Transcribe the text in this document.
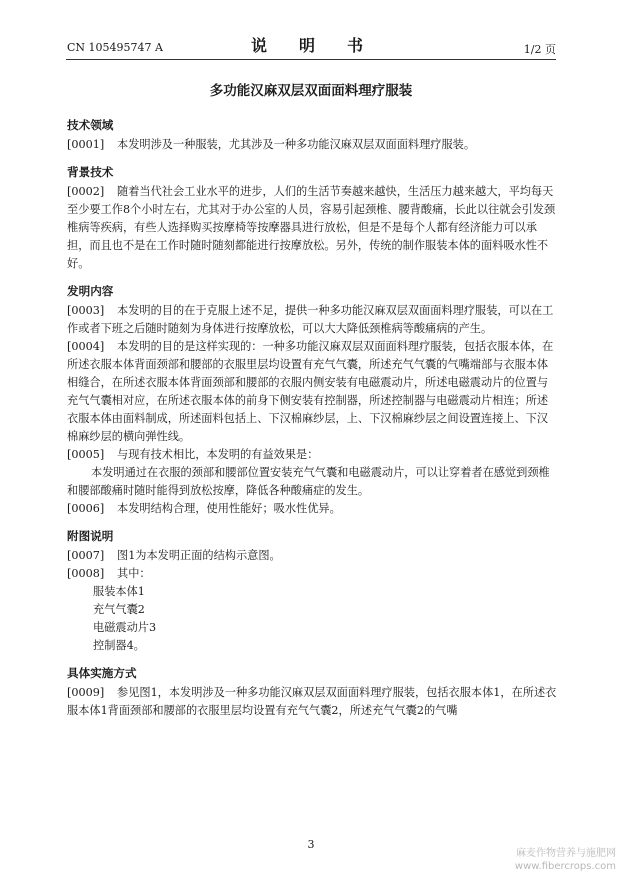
CN 105495747 A	说　明　书	1/2 页
多功能汉麻双层双面面料理疗服装
技术领域

[0001] 本发明涉及一种服装，尤其涉及一种多功能汉麻双层双面面料理疗服装。

背景技术

[0002] 随着当代社会工业水平的进步，人们的生活节奏越来越快，生活压力越来越大，平均每天至少要工作8个小时左右，尤其对于办公室的人员，容易引起颈椎、腰背酸痛，长此以往就会引发颈椎病等疾病，有些人选择购买按摩椅等按摩器具进行放松，但是不是每个人都有经济能力可以承担，而且也不是在工作时随时随刻都能进行按摩放松。另外，传统的制作服装本体的面料吸水性不好。

发明内容

[0003] 本发明的目的在于克服上述不足，提供一种多功能汉麻双层双面面料理疗服装，可以在工作或者下班之后随时随刻为身体进行按摩放松，可以大大降低颈椎病等酸痛病的产生。

[0004] 本发明的目的是这样实现的：一种多功能汉麻双层双面面料理疗服装，包括衣服本体，在所述衣服本体背面颈部和腰部的衣服里层均设置有充气气囊，所述充气气囊的气嘴端部与衣服本体相缝合，在所述衣服本体背面颈部和腰部的衣服内侧安装有电磁震动片，所述电磁震动片的位置与充气气囊相对应，在所述衣服本体的前身下侧安装有控制器，所述控制器与电磁震动片相连；所述衣服本体由面料制成，所述面料包括上、下汉棉麻纱层，上、下汉棉麻纱层之间设置连接上、下汉棉麻纱层的横向弹性线。

[0005] 与现有技术相比，本发明的有益效果是：

本发明通过在衣服的颈部和腰部位置安装充气气囊和电磁震动片，可以让穿着者在感觉到颈椎和腰部酸痛时随时能得到放松按摩，降低各种酸痛症的发生。

[0006] 本发明结构合理，使用性能好；吸水性优异。

附图说明

[0007] 图1为本发明正面的结构示意图。

[0008] 其中：

服装本体1
充气气囊2
电磁震动片3
控制器4。
具体实施方式

[0009] 参见图1，本发明涉及一种多功能汉麻双层双面面料理疗服装，包括衣服本体1，在所述衣服本体1背面颈部和腰部的衣服里层均设置有充气气囊2，所述充气气囊2的气嘴

3
麻麦作物营养与施肥网
www.fibercrops.com
